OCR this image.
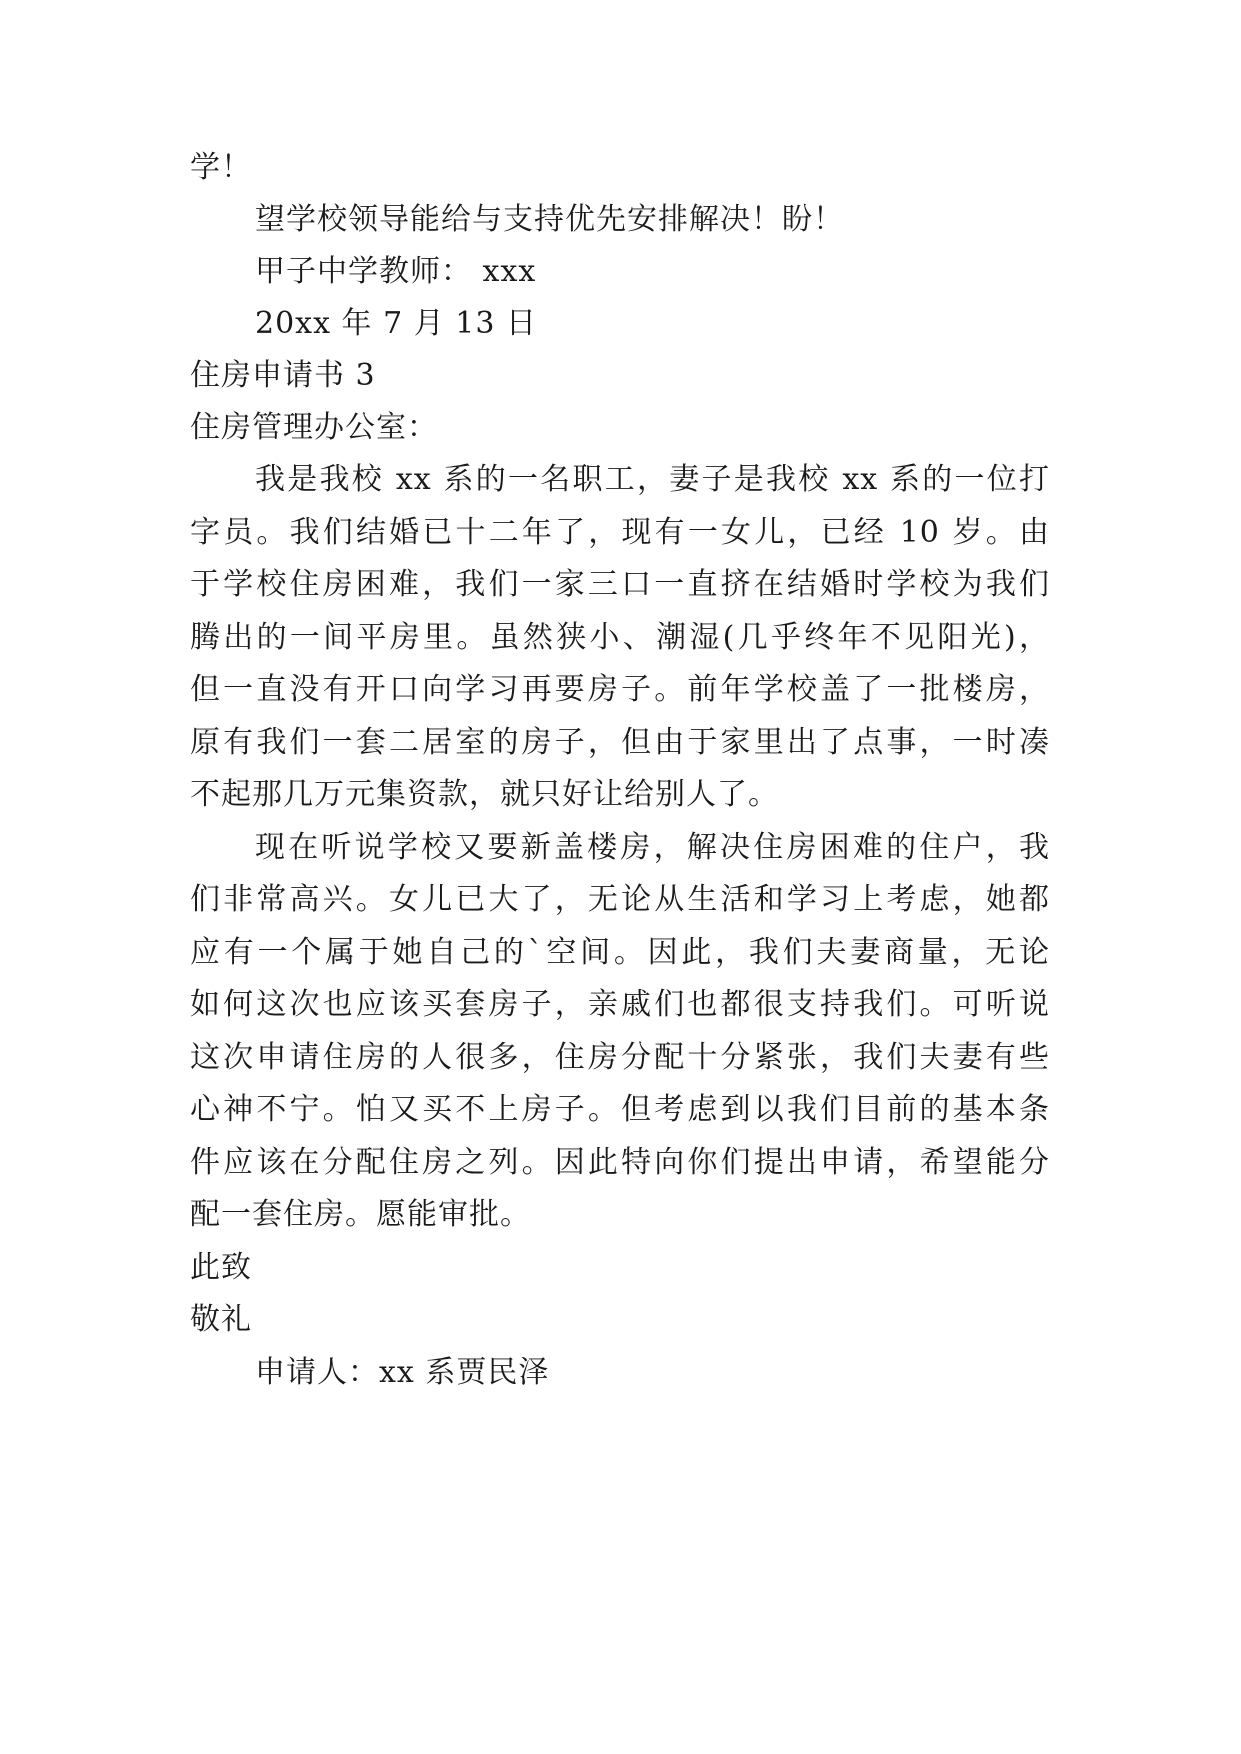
学！
望学校领导能给与支持优先安排解决！盼！
甲子中学教师： xxx
20xx 年 7 月 13 日
住房申请书 3
住房管理办公室：
我是我校 xx 系的一名职工，妻子是我校 xx 系的一位打
字员。我们结婚已十二年了，现有一女儿，已经 10 岁。由
于学校住房困难，我们一家三口一直挤在结婚时学校为我们
腾出的一间平房里。虽然狭小、潮湿(几乎终年不见阳光)，
但一直没有开口向学习再要房子。前年学校盖了一批楼房，
原有我们一套二居室的房子，但由于家里出了点事，一时凑
不起那几万元集资款，就只好让给别人了。
现在听说学校又要新盖楼房，解决住房困难的住户，我
们非常高兴。女儿已大了，无论从生活和学习上考虑，她都
应有一个属于她自己的`空间。因此，我们夫妻商量，无论
如何这次也应该买套房子，亲戚们也都很支持我们。可听说
这次申请住房的人很多，住房分配十分紧张，我们夫妻有些
心神不宁。怕又买不上房子。但考虑到以我们目前的基本条
件应该在分配住房之列。因此特向你们提出申请，希望能分
配一套住房。愿能审批。
此致
敬礼
申请人：xx 系贾民泽
